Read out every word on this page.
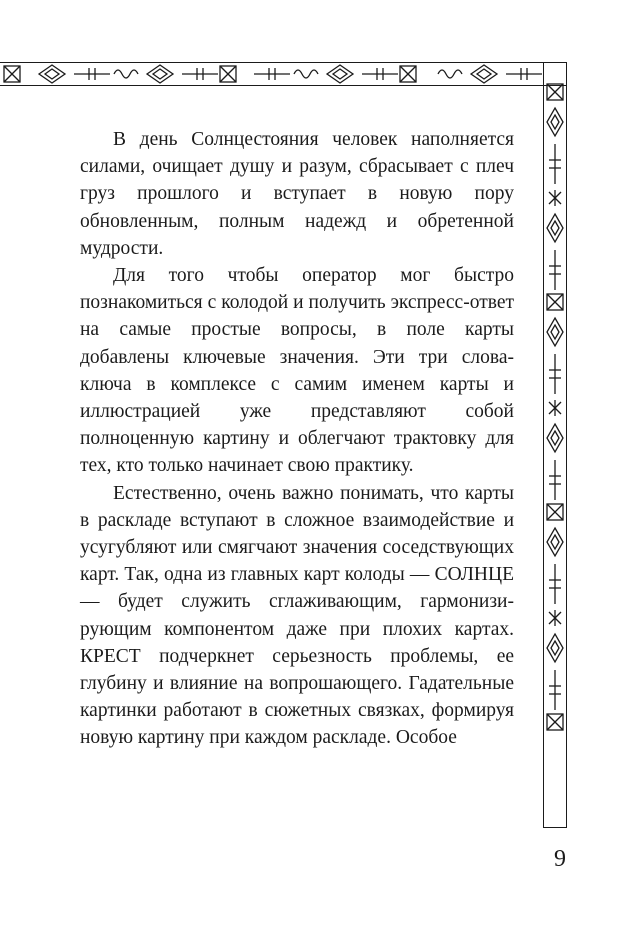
В день Солнцестояния человек наполняется силами, очищает душу и разум, сбрасывает с плеч груз прошлого и вступает в новую пору обновленным, полным надежд и обретенной мудрости.

Для того чтобы оператор мог быстро познакомиться с колодой и получить экспресс-ответ на самые простые вопросы, в поле карты добавлены ключевые значения. Эти три слова-ключа в комплексе с самим именем карты и иллюстрацией уже представляют собой полноценную картину и облегчают трактовку для тех, кто только начинает свою практику.

Естественно, очень важно понимать, что карты в раскладе вступают в сложное взаимодействие и усугубляют или смягчают значения соседствующих карт. Так, одна из главных карт колоды — СОЛНЦЕ — будет служить сглаживающим, гармонизирующим компонентом даже при плохих картах. КРЕСТ подчеркнет серьезность проблемы, ее глубину и влияние на вопрошающего. Гадательные картинки работают в сюжетных связках, формируя новую картину при каждом раскладе. Особое

9
